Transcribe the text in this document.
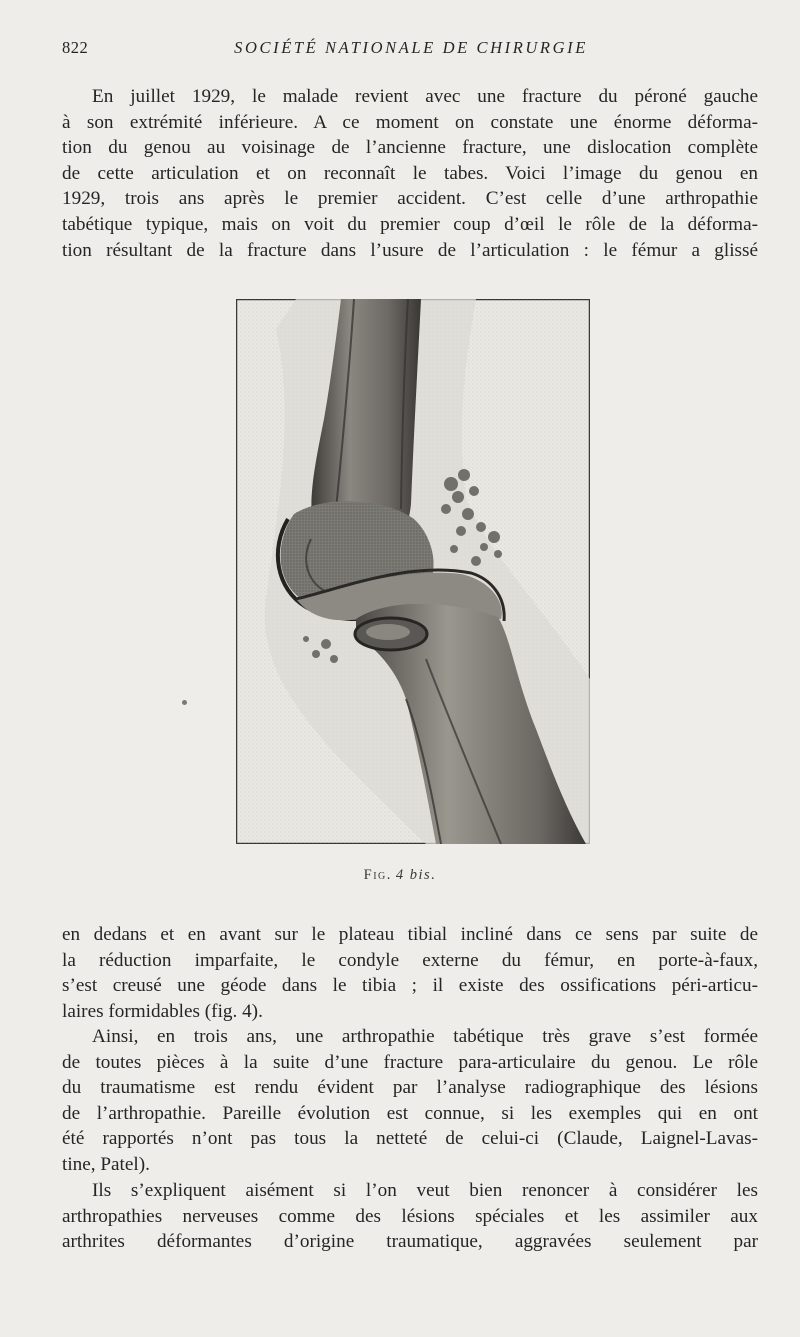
822	SOCIÉTÉ NATIONALE DE CHIRURGIE

En juillet 1929, le malade revient avec une fracture du péroné gauche
à son extrémité inférieure. A ce moment on constate une énorme déforma-
tion du genou au voisinage de l’ancienne fracture, une dislocation complète
de cette articulation et on reconnaît le tabes. Voici l’image du genou en
1929, trois ans après le premier accident. C’est celle d’une arthropathie
tabétique typique, mais on voit du premier coup d’œil le rôle de la déforma-
tion résultant de la fracture dans l’usure de l’articulation : le fémur a glissé

Fig. 4 bis.

en dedans et en avant sur le plateau tibial incliné dans ce sens par suite de
la réduction imparfaite, le condyle externe du fémur, en porte-à-faux,
s’est creusé une géode dans le tibia ; il existe des ossifications péri-articu-
laires formidables (fig. 4).

Ainsi, en trois ans, une arthropathie tabétique très grave s’est formée
de toutes pièces à la suite d’une fracture para-articulaire du genou. Le rôle
du traumatisme est rendu évident par l’analyse radiographique des lésions
de l’arthropathie. Pareille évolution est connue, si les exemples qui en ont
été rapportés n’ont pas tous la netteté de celui-ci (Claude, Laignel-Lavas-
tine, Patel).

Ils s’expliquent aisément si l’on veut bien renoncer à considérer les
arthropathies nerveuses comme des lésions spéciales et les assimiler aux
arthrites déformantes d’origine traumatique, aggravées seulement par
